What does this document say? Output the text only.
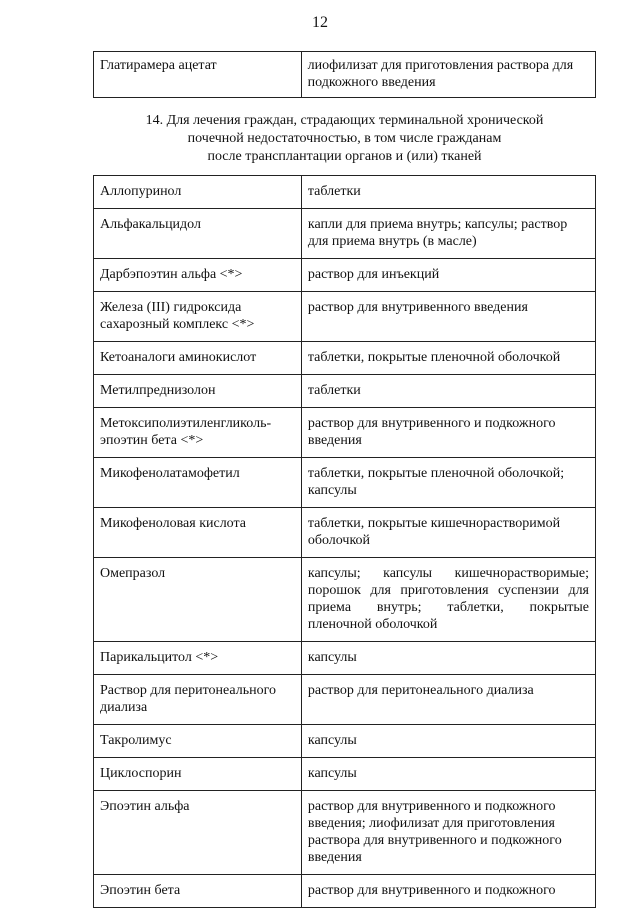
12
Глатирамера ацетат	лиофилизат для приготовления раствора для подкожного введения
14. Для лечения граждан, страдающих терминальной хронической
почечной недостаточностью, в том числе гражданам
после трансплантации органов и (или) тканей
Аллопуринол	таблетки
Альфакальцидол	капли для приема внутрь; капсулы; раствор для приема внутрь (в масле)
Дарбэпоэтин альфа <*>	раствор для инъекций
Железа (III) гидроксида сахарозный комплекс <*>	раствор для внутривенного введения
Кетоаналоги аминокислот	таблетки, покрытые пленочной оболочкой
Метилпреднизолон	таблетки
Метоксиполиэтиленгликоль-эпоэтин бета <*>	раствор для внутривенного и подкожного введения
Микофенолатамофетил	таблетки, покрытые пленочной оболочкой; капсулы
Микофеноловая кислота	таблетки, покрытые кишечнорастворимой оболочкой
Омепразол	капсулы; капсулы кишечнорастворимые; порошок для приготовления суспензии для приема внутрь; таблетки, покрытые пленочной оболочкой
Парикальцитол <*>	капсулы
Раствор для перитонеального диализа	раствор для перитонеального диализа
Такролимус	капсулы
Циклоспорин	капсулы
Эпоэтин альфа	раствор для внутривенного и подкожного введения; лиофилизат для приготовления раствора для внутривенного и подкожного введения
Эпоэтин бета	раствор для внутривенного и подкожного
